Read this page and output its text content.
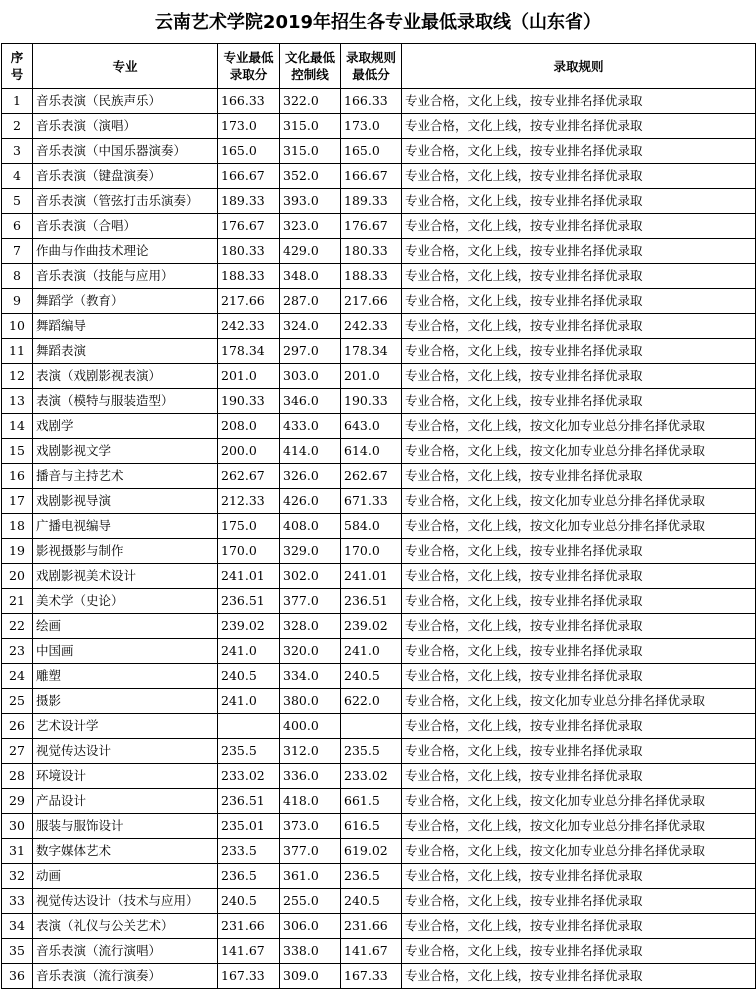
云南艺术学院2019年招生各专业最低录取线（山东省）
序号	专业	专业最低录取分	文化最低控制线	录取规则最低分	录取规则
1	音乐表演（民族声乐）	166.33	322.0	166.33	专业合格，文化上线，按专业排名择优录取
2	音乐表演（演唱）	173.0	315.0	173.0	专业合格，文化上线，按专业排名择优录取
3	音乐表演（中国乐器演奏）	165.0	315.0	165.0	专业合格，文化上线，按专业排名择优录取
4	音乐表演（键盘演奏）	166.67	352.0	166.67	专业合格，文化上线，按专业排名择优录取
5	音乐表演（管弦打击乐演奏）	189.33	393.0	189.33	专业合格，文化上线，按专业排名择优录取
6	音乐表演（合唱）	176.67	323.0	176.67	专业合格，文化上线，按专业排名择优录取
7	作曲与作曲技术理论	180.33	429.0	180.33	专业合格，文化上线，按专业排名择优录取
8	音乐表演（技能与应用）	188.33	348.0	188.33	专业合格，文化上线，按专业排名择优录取
9	舞蹈学（教育）	217.66	287.0	217.66	专业合格，文化上线，按专业排名择优录取
10	舞蹈编导	242.33	324.0	242.33	专业合格，文化上线，按专业排名择优录取
11	舞蹈表演	178.34	297.0	178.34	专业合格，文化上线，按专业排名择优录取
12	表演（戏剧影视表演）	201.0	303.0	201.0	专业合格，文化上线，按专业排名择优录取
13	表演（模特与服装造型）	190.33	346.0	190.33	专业合格，文化上线，按专业排名择优录取
14	戏剧学	208.0	433.0	643.0	专业合格，文化上线，按文化加专业总分排名择优录取
15	戏剧影视文学	200.0	414.0	614.0	专业合格，文化上线，按文化加专业总分排名择优录取
16	播音与主持艺术	262.67	326.0	262.67	专业合格，文化上线，按专业排名择优录取
17	戏剧影视导演	212.33	426.0	671.33	专业合格，文化上线，按文化加专业总分排名择优录取
18	广播电视编导	175.0	408.0	584.0	专业合格，文化上线，按文化加专业总分排名择优录取
19	影视摄影与制作	170.0	329.0	170.0	专业合格，文化上线，按专业排名择优录取
20	戏剧影视美术设计	241.01	302.0	241.01	专业合格，文化上线，按专业排名择优录取
21	美术学（史论）	236.51	377.0	236.51	专业合格，文化上线，按专业排名择优录取
22	绘画	239.02	328.0	239.02	专业合格，文化上线，按专业排名择优录取
23	中国画	241.0	320.0	241.0	专业合格，文化上线，按专业排名择优录取
24	雕塑	240.5	334.0	240.5	专业合格，文化上线，按专业排名择优录取
25	摄影	241.0	380.0	622.0	专业合格，文化上线，按文化加专业总分排名择优录取
26	艺术设计学		400.0		专业合格，文化上线，按专业排名择优录取
27	视觉传达设计	235.5	312.0	235.5	专业合格，文化上线，按专业排名择优录取
28	环境设计	233.02	336.0	233.02	专业合格，文化上线，按专业排名择优录取
29	产品设计	236.51	418.0	661.5	专业合格，文化上线，按文化加专业总分排名择优录取
30	服装与服饰设计	235.01	373.0	616.5	专业合格，文化上线，按文化加专业总分排名择优录取
31	数字媒体艺术	233.5	377.0	619.02	专业合格，文化上线，按文化加专业总分排名择优录取
32	动画	236.5	361.0	236.5	专业合格，文化上线，按专业排名择优录取
33	视觉传达设计（技术与应用）	240.5	255.0	240.5	专业合格，文化上线，按专业排名择优录取
34	表演（礼仪与公关艺术）	231.66	306.0	231.66	专业合格，文化上线，按专业排名择优录取
35	音乐表演（流行演唱）	141.67	338.0	141.67	专业合格，文化上线，按专业排名择优录取
36	音乐表演（流行演奏）	167.33	309.0	167.33	专业合格，文化上线，按专业排名择优录取
